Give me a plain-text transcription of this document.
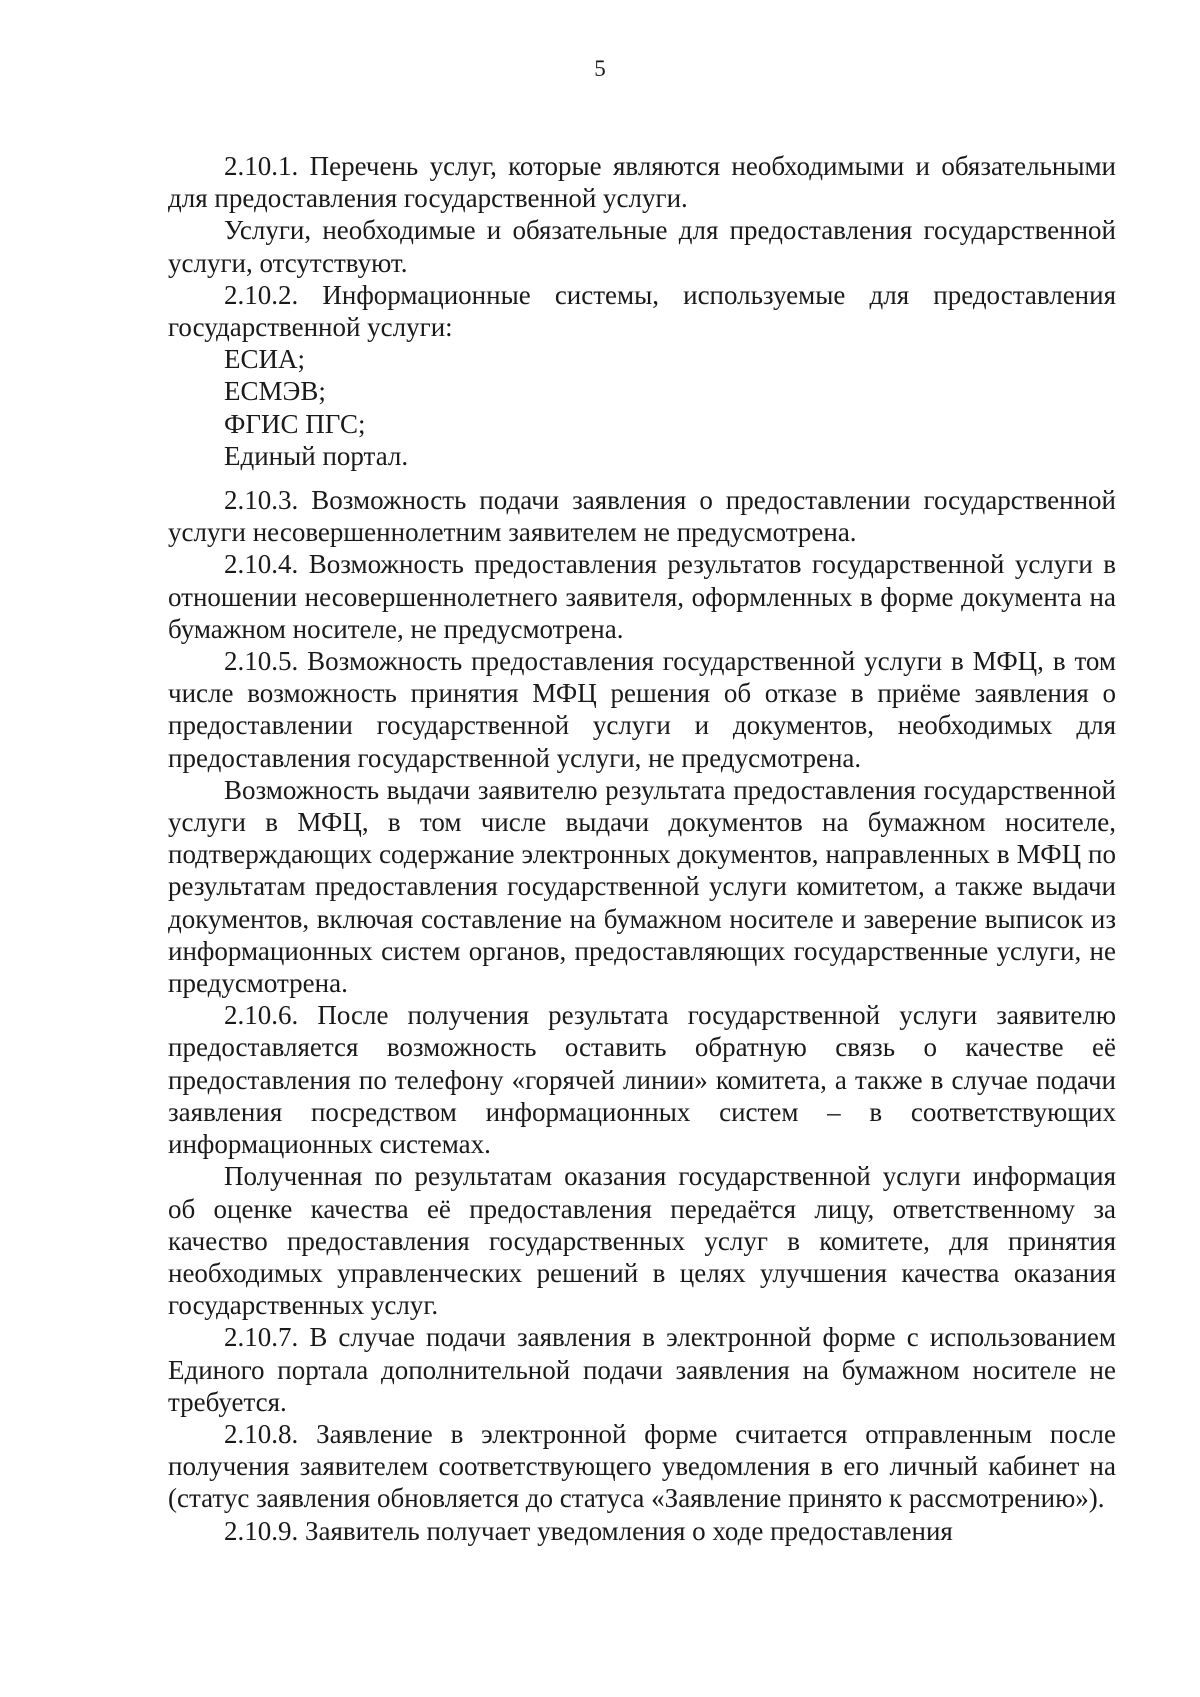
5

2.10.1. Перечень услуг, которые являются необходимыми и обязательными для предоставления государственной услуги.

Услуги, необходимые и обязательные для предоставления государственной услуги, отсутствуют.

2.10.2. Информационные системы, используемые для предоставления государственной услуги:

ЕСИА;

ЕСМЭВ;

ФГИС ПГС;

Единый портал.

2.10.3. Возможность подачи заявления о предоставлении государственной услуги несовершеннолетним заявителем не предусмотрена.

2.10.4. Возможность предоставления результатов государственной услуги в отношении несовершеннолетнего заявителя, оформленных в форме документа на бумажном носителе, не предусмотрена.

2.10.5. Возможность предоставления государственной услуги в МФЦ, в том числе возможность принятия МФЦ решения об отказе в приёме заявления о предоставлении государственной услуги и документов, необходимых для предоставления государственной услуги, не предусмотрена.

Возможность выдачи заявителю результата предоставления государственной услуги в МФЦ, в том числе выдачи документов на бумажном носителе, подтверждающих содержание электронных документов, направленных в МФЦ по результатам предоставления государственной услуги комитетом, а также выдачи документов, включая составление на бумажном носителе и заверение выписок из информационных систем органов, предоставляющих государственные услуги, не предусмотрена.

2.10.6. После получения результата государственной услуги заявителю предоставляется возможность оставить обратную связь о качестве её предоставления по телефону «горячей линии» комитета, а также в случае подачи заявления посредством информационных систем – в соответствующих информационных системах.

Полученная по результатам оказания государственной услуги информация об оценке качества её предоставления передаётся лицу, ответственному за качество предоставления государственных услуг в комитете, для принятия необходимых управленческих решений в целях улучшения качества оказания государственных услуг.

2.10.7. В случае подачи заявления в электронной форме с использованием Единого портала дополнительной подачи заявления на бумажном носителе не требуется.

2.10.8. Заявление в электронной форме считается отправленным после получения заявителем соответствующего уведомления в его личный кабинет на (статус заявления обновляется до статуса «Заявление принято к рассмотрению»).

2.10.9. Заявитель получает уведомления о ходе предоставления
